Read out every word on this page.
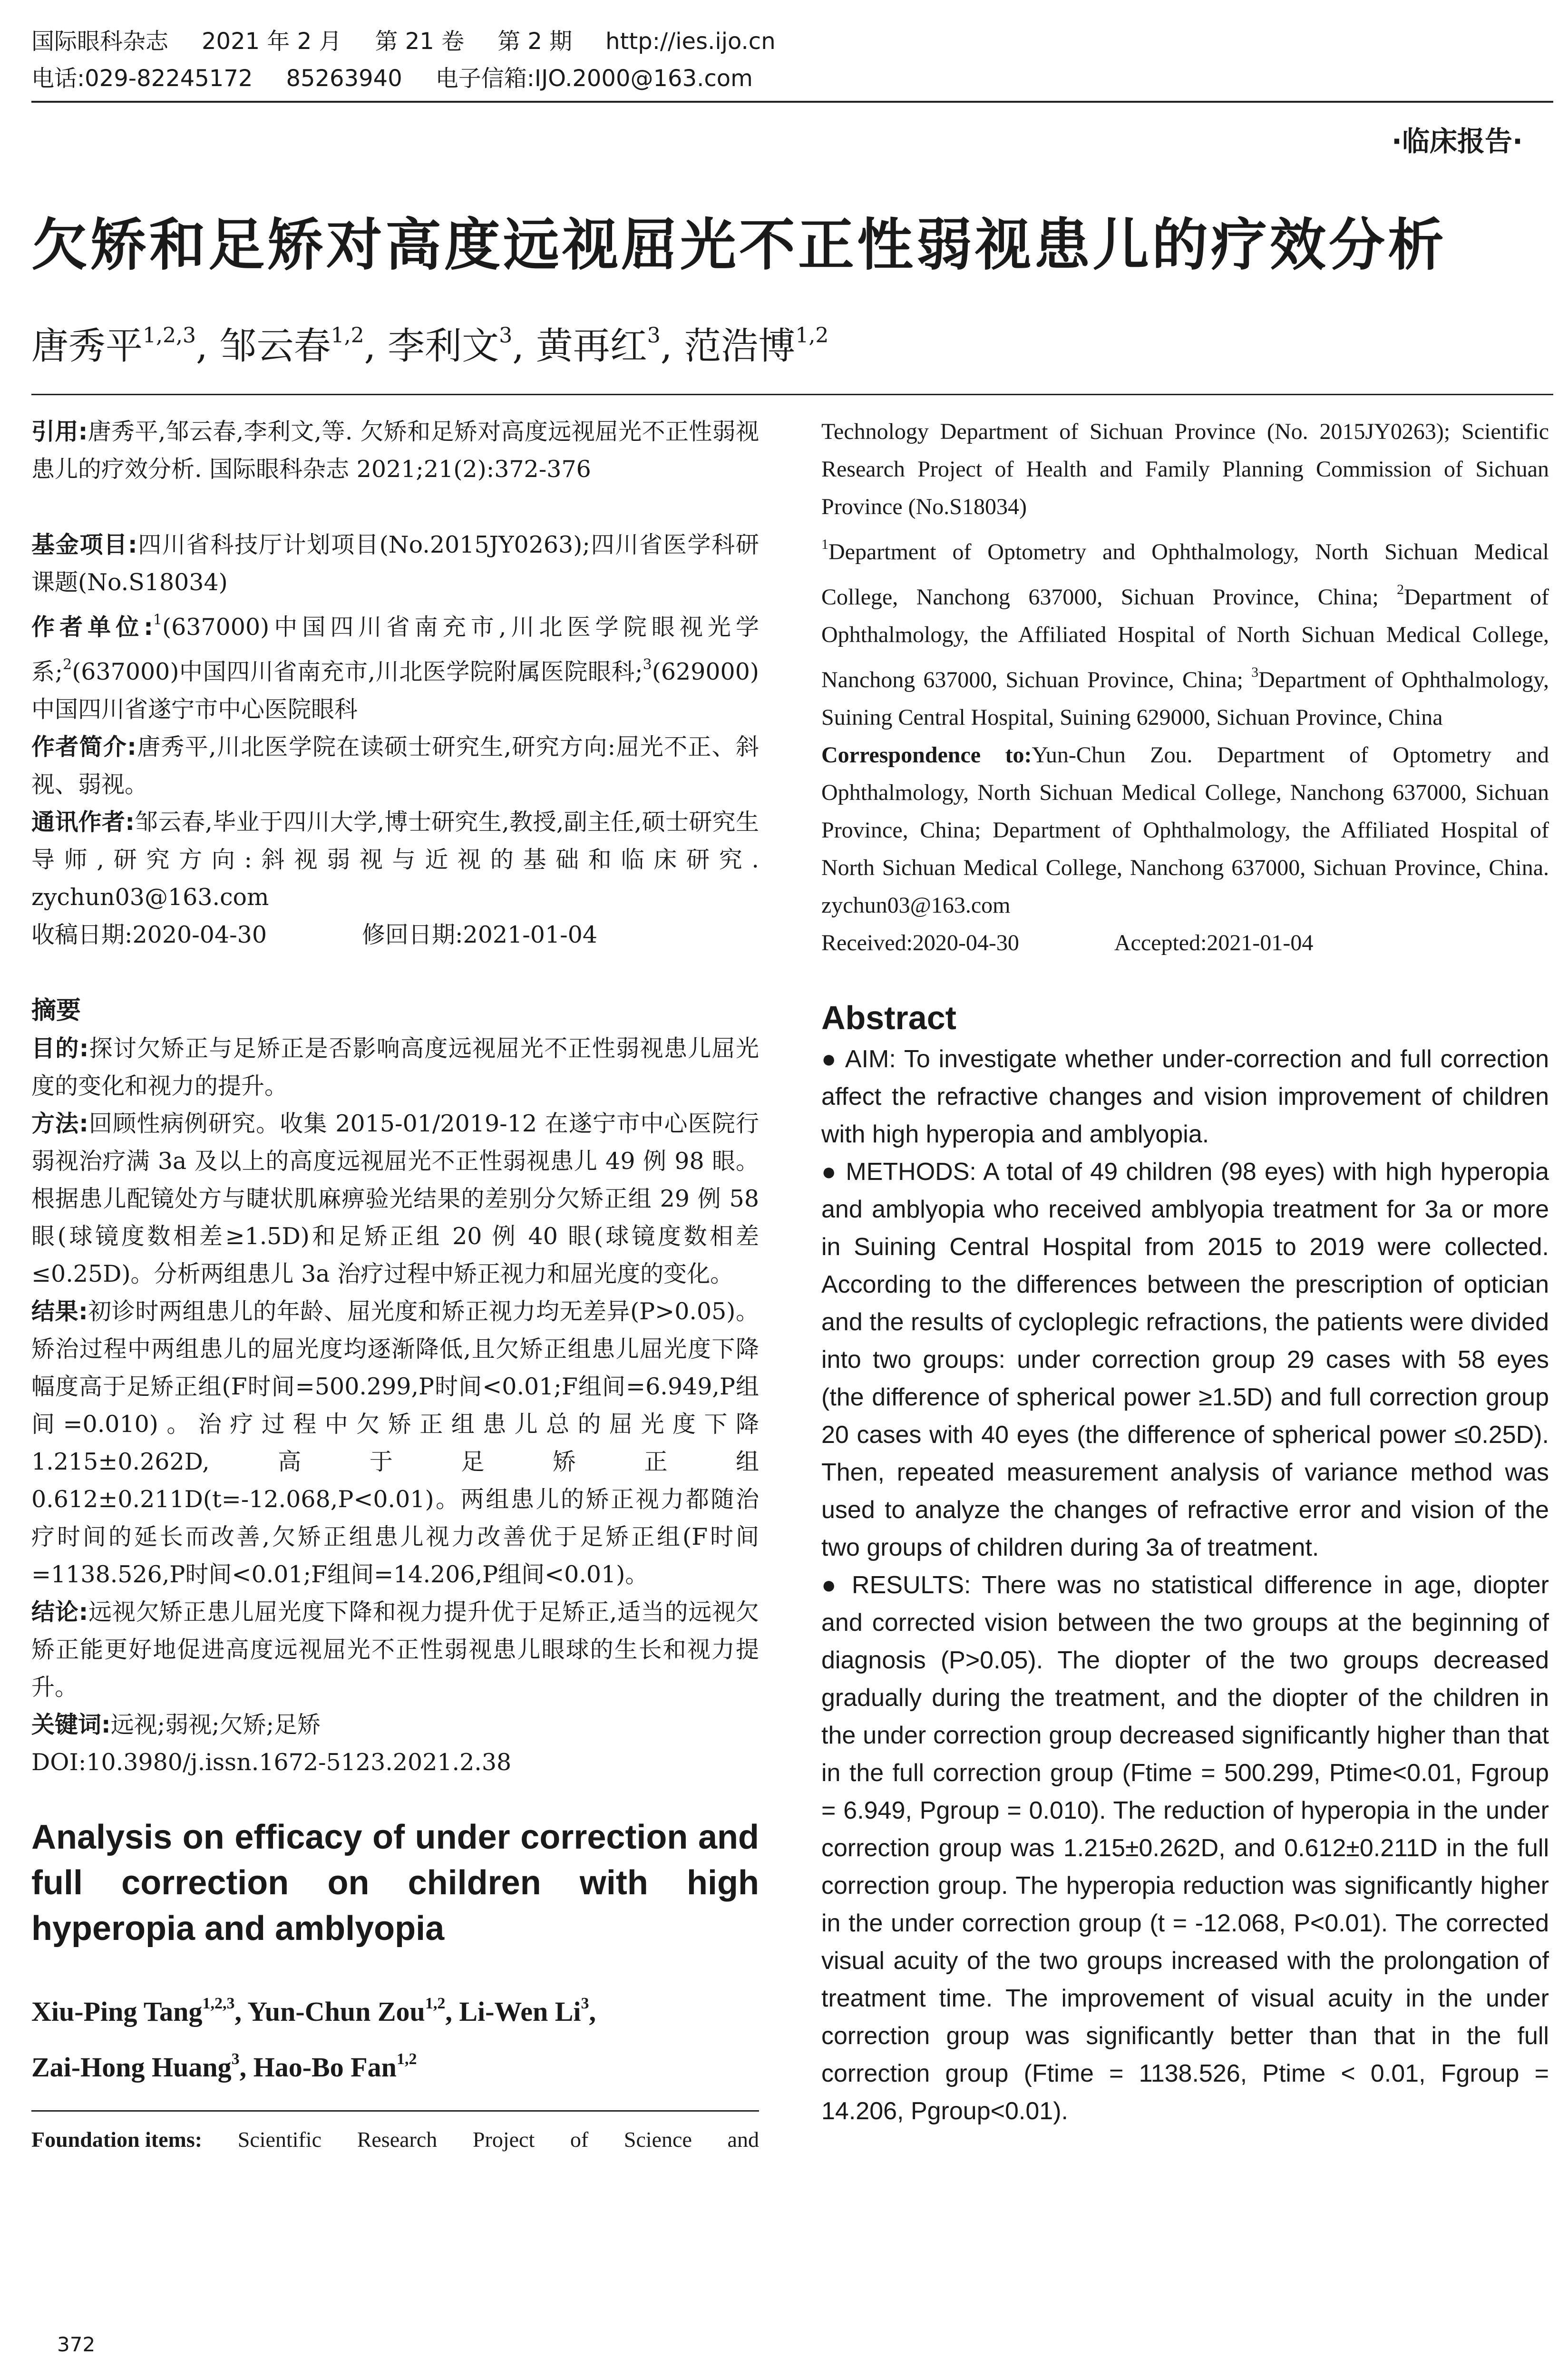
国际眼科杂志 2021 年 2 月 第 21 卷 第 2 期 http://ies.ijo.cn
电话:029-82245172 85263940 电子信箱:IJO.2000@163.com
·临床报告·
欠矫和足矫对高度远视屈光不正性弱视患儿的疗效分析
唐秀平$^{1,2,3}$, 邹云春$^{1,2}$, 李利文$^3$, 黄再红$^3$, 范浩博$^{1,2}$

引用:唐秀平,邹云春,李利文,等. 欠矫和足矫对高度远视屈光不正性弱视患儿的疗效分析. 国际眼科杂志 2021;21(2):372-376

基金项目:四川省科技厅计划项目(No.2015JY0263);四川省医学科研课题(No.S18034)

作者单位:$^1$(637000)中国四川省南充市,川北医学院眼视光学系;$^2$(637000)中国四川省南充市,川北医学院附属医院眼科;$^3$(629000)中国四川省遂宁市中心医院眼科

作者简介:唐秀平,川北医学院在读硕士研究生,研究方向:屈光不正、斜视、弱视。

通讯作者:邹云春,毕业于四川大学,博士研究生,教授,副主任,硕士研究生导师,研究方向:斜视弱视与近视的基础和临床研究. zychun03@163.com

收稿日期:2020-04-30	修回日期:2021-01-04

摘要

目的:探讨欠矫正与足矫正是否影响高度远视屈光不正性弱视患儿屈光度的变化和视力的提升。

方法:回顾性病例研究。收集 2015-01/2019-12 在遂宁市中心医院行弱视治疗满 3a 及以上的高度远视屈光不正性弱视患儿 49 例 98 眼。根据患儿配镜处方与睫状肌麻痹验光结果的差别分欠矫正组 29 例 58 眼(球镜度数相差≥1.5D)和足矫正组 20 例 40 眼(球镜度数相差≤0.25D)。分析两组患儿 3a 治疗过程中矫正视力和屈光度的变化。

结果:初诊时两组患儿的年龄、屈光度和矫正视力均无差异(P>0.05)。矫治过程中两组患儿的屈光度均逐渐降低,且欠矫正组患儿屈光度下降幅度高于足矫正组(F时间=500.299,P时间<0.01;F组间=6.949,P组间=0.010)。治疗过程中欠矫正组患儿总的屈光度下降 1.215±0.262D,高于足矫正组 0.612±0.211D(t=-12.068,P<0.01)。两组患儿的矫正视力都随治疗时间的延长而改善,欠矫正组患儿视力改善优于足矫正组(F时间=1138.526,P时间<0.01;F组间=14.206,P组间<0.01)。

结论:远视欠矫正患儿屈光度下降和视力提升优于足矫正,适当的远视欠矫正能更好地促进高度远视屈光不正性弱视患儿眼球的生长和视力提升。

关键词:远视;弱视;欠矫;足矫

DOI:10.3980/j.issn.1672-5123.2021.2.38

Analysis on efficacy of under correction and full correction on children with high hyperopia and amblyopia
Xiu-Ping Tang$^{1,2,3}$, Yun-Chun Zou$^{1,2}$, Li-Wen Li$^3$,
Zai-Hong Huang$^3$, Hao-Bo Fan$^{1,2}$
Foundation items: Scientific Research Project of Science and

Technology Department of Sichuan Province (No. 2015JY0263); Scientific Research Project of Health and Family Planning Commission of Sichuan Province (No.S18034)

$^1$Department of Optometry and Ophthalmology, North Sichuan Medical College, Nanchong 637000, Sichuan Province, China; $^2$Department of Ophthalmology, the Affiliated Hospital of North Sichuan Medical College, Nanchong 637000, Sichuan Province, China; $^3$Department of Ophthalmology, Suining Central Hospital, Suining 629000, Sichuan Province, China

Correspondence to:Yun-Chun Zou. Department of Optometry and Ophthalmology, North Sichuan Medical College, Nanchong 637000, Sichuan Province, China; Department of Ophthalmology, the Affiliated Hospital of North Sichuan Medical College, Nanchong 637000, Sichuan Province, China. zychun03@163.com

Received:2020-04-30	Accepted:2021-01-04

Abstract

● AIM: To investigate whether under-correction and full correction affect the refractive changes and vision improvement of children with high hyperopia and amblyopia.

● METHODS: A total of 49 children (98 eyes) with high hyperopia and amblyopia who received amblyopia treatment for 3a or more in Suining Central Hospital from 2015 to 2019 were collected. According to the differences between the prescription of optician and the results of cycloplegic refractions, the patients were divided into two groups: under correction group 29 cases with 58 eyes (the difference of spherical power ≥1.5D) and full correction group 20 cases with 40 eyes (the difference of spherical power ≤0.25D). Then, repeated measurement analysis of variance method was used to analyze the changes of refractive error and vision of the two groups of children during 3a of treatment.

● RESULTS: There was no statistical difference in age, diopter and corrected vision between the two groups at the beginning of diagnosis (P>0.05). The diopter of the two groups decreased gradually during the treatment, and the diopter of the children in the under correction group decreased significantly higher than that in the full correction group (Ftime = 500.299, Ptime<0.01, Fgroup = 6.949, Pgroup = 0.010). The reduction of hyperopia in the under correction group was 1.215±0.262D, and 0.612±0.211D in the full correction group. The hyperopia reduction was significantly higher in the under correction group (t = -12.068, P<0.01). The corrected visual acuity of the two groups increased with the prolongation of treatment time. The improvement of visual acuity in the under correction group was significantly better than that in the full correction group (Ftime = 1138.526, Ptime < 0.01, Fgroup = 14.206, Pgroup<0.01).

372
